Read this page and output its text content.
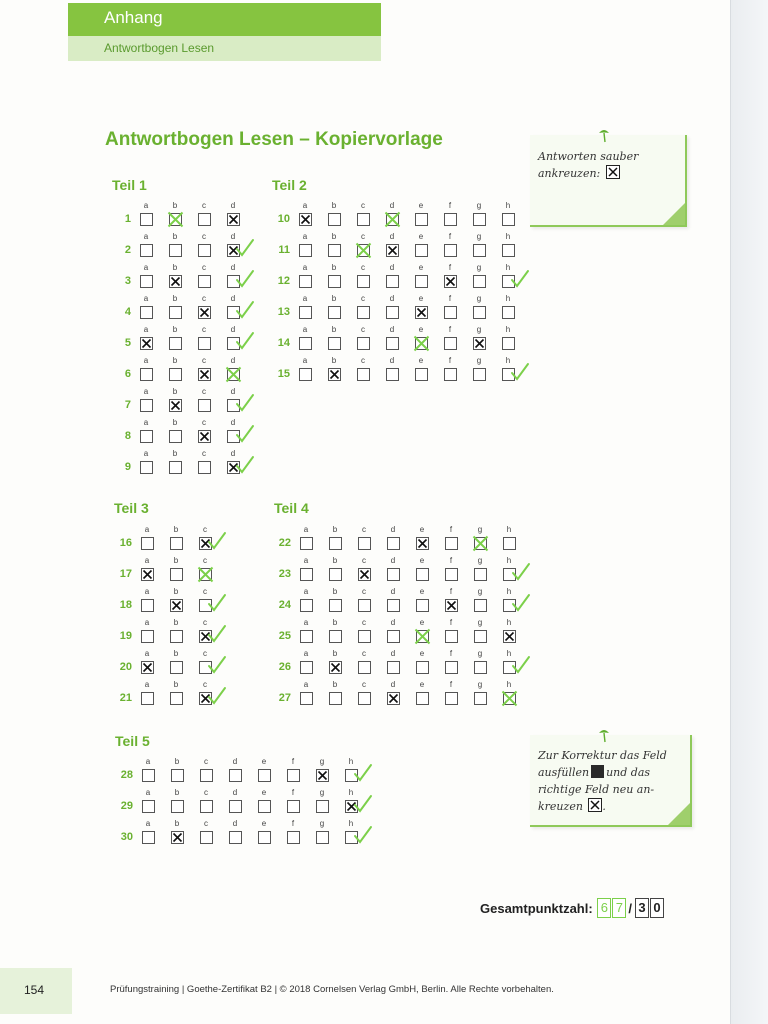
Anhang
Antwortbogen Lesen
Antwortbogen Lesen – Kopiervorlage
Antworten sauber
ankreuzen:
Zur Korrektur das Feld
ausfüllen und das
richtige Feld neu an-
kreuzen ☒.
Teil 1
1
a	b	c	d
2
a	b	c	d
3
a	b	c	d
4
a	b	c	d
5
a	b	c	d
6
a	b	c	d
7
a	b	c	d
8
a	b	c	d
9
a	b	c	d
Teil 2
10
a	b	c	d	e	f	g	h
11
a	b	c	d	e	f	g	h
12
a	b	c	d	e	f	g	h
13
a	b	c	d	e	f	g	h
14
a	b	c	d	e	f	g	h
15
a	b	c	d	e	f	g	h
Teil 3
16
a	b	c
17
a	b	c
18
a	b	c
19
a	b	c
20
a	b	c
21
a	b	c
Teil 4
22
a	b	c	d	e	f	g	h
23
a	b	c	d	e	f	g	h
24
a	b	c	d	e	f	g	h
25
a	b	c	d	e	f	g	h
26
a	b	c	d	e	f	g	h
27
a	b	c	d	e	f	g	h
Teil 5
28
a	b	c	d	e	f	g	h
29
a	b	c	d	e	f	g	h
30
a	b	c	d	e	f	g	h
Gesamtpunktzahl: 6 7 / 3 0
154	Prüfungstraining | Goethe-Zertifikat B2 | © 2018 Cornelsen Verlag GmbH, Berlin. Alle Rechte vorbehalten.
